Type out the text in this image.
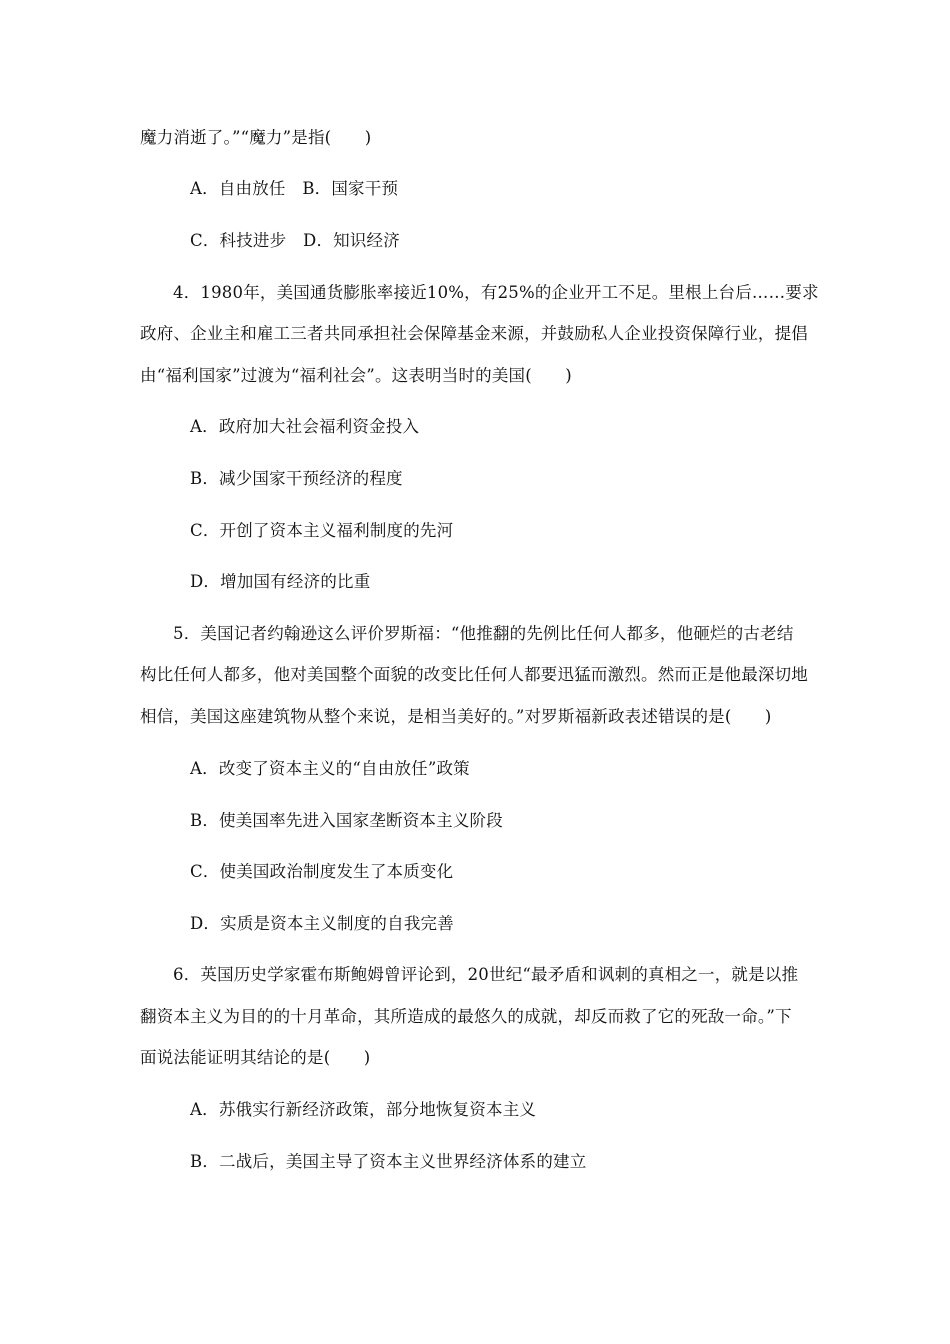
魔力消逝了。”“魔力”是指(　　)
A．自由放任　B．国家干预
C．科技进步　D．知识经济
4．1980年，美国通货膨胀率接近10%，有25%的企业开工不足。里根上台后……要求
政府、企业主和雇工三者共同承担社会保障基金来源，并鼓励私人企业投资保障行业，提倡
由“福利国家”过渡为“福利社会”。这表明当时的美国(　　)
A．政府加大社会福利资金投入
B．减少国家干预经济的程度
C．开创了资本主义福利制度的先河
D．增加国有经济的比重
5．美国记者约翰逊这么评价罗斯福：“他推翻的先例比任何人都多，他砸烂的古老结
构比任何人都多，他对美国整个面貌的改变比任何人都要迅猛而激烈。然而正是他最深切地
相信，美国这座建筑物从整个来说，是相当美好的。”对罗斯福新政表述错误的是(　　)
A．改变了资本主义的“自由放任”政策
B．使美国率先进入国家垄断资本主义阶段
C．使美国政治制度发生了本质变化
D．实质是资本主义制度的自我完善
6．英国历史学家霍布斯鲍姆曾评论到，20世纪“最矛盾和讽刺的真相之一，就是以推
翻资本主义为目的的十月革命，其所造成的最悠久的成就，却反而救了它的死敌一命。”下
面说法能证明其结论的是(　　)
A．苏俄实行新经济政策，部分地恢复资本主义
B．二战后，美国主导了资本主义世界经济体系的建立
